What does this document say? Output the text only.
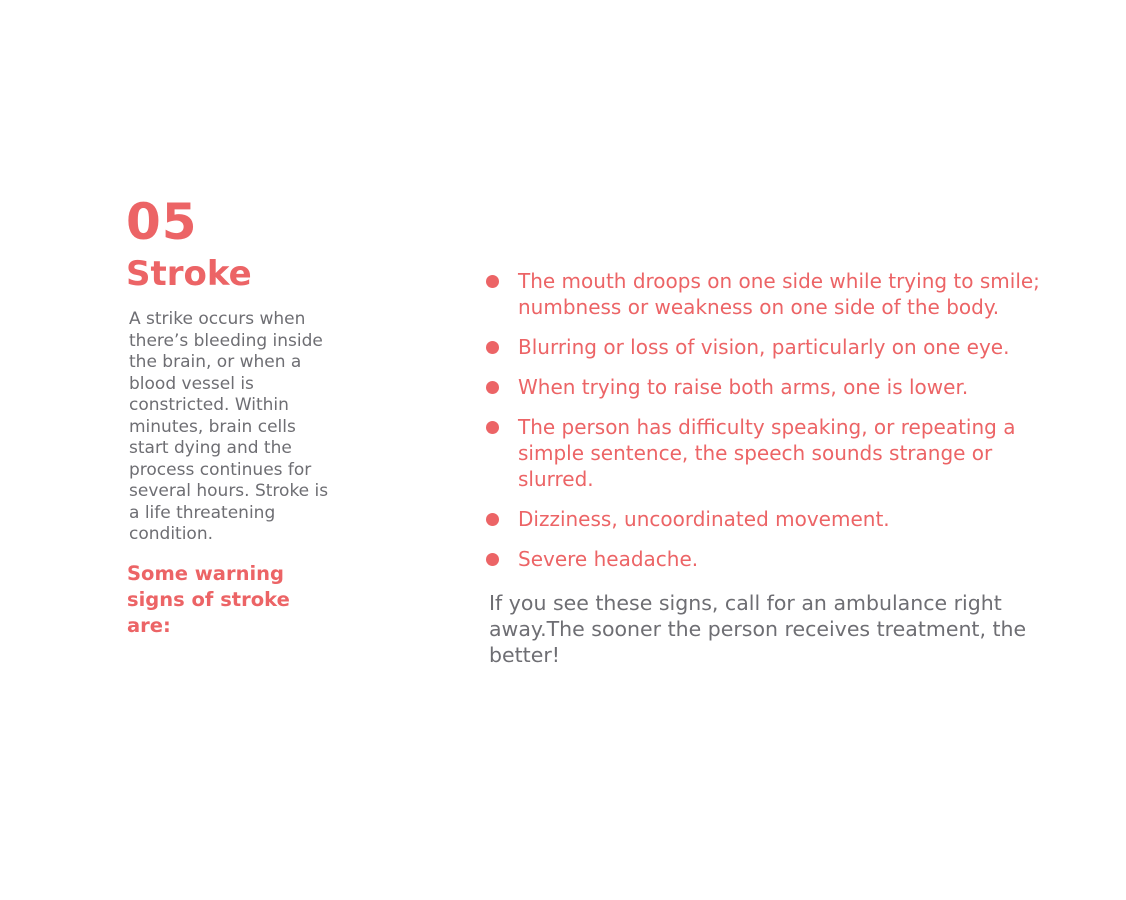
05
Stroke
A strike occurs when there’s bleeding inside the brain, or when a blood vessel is constricted. Within minutes, brain cells start dying and the process continues for several hours. Stroke is a life threatening condition.
Some warning signs of stroke are:
The mouth droops on one side while trying to smile; numbness or weakness on one side of the body.
Blurring or loss of vision, particularly on one eye.
When trying to raise both arms, one is lower.
The person has difficulty speaking, or repeating a simple sentence, the speech sounds strange or slurred.
Dizziness, uncoordinated movement.
Severe headache.
If you see these signs, call for an ambulance right away.The sooner the person receives treatment, the better!
